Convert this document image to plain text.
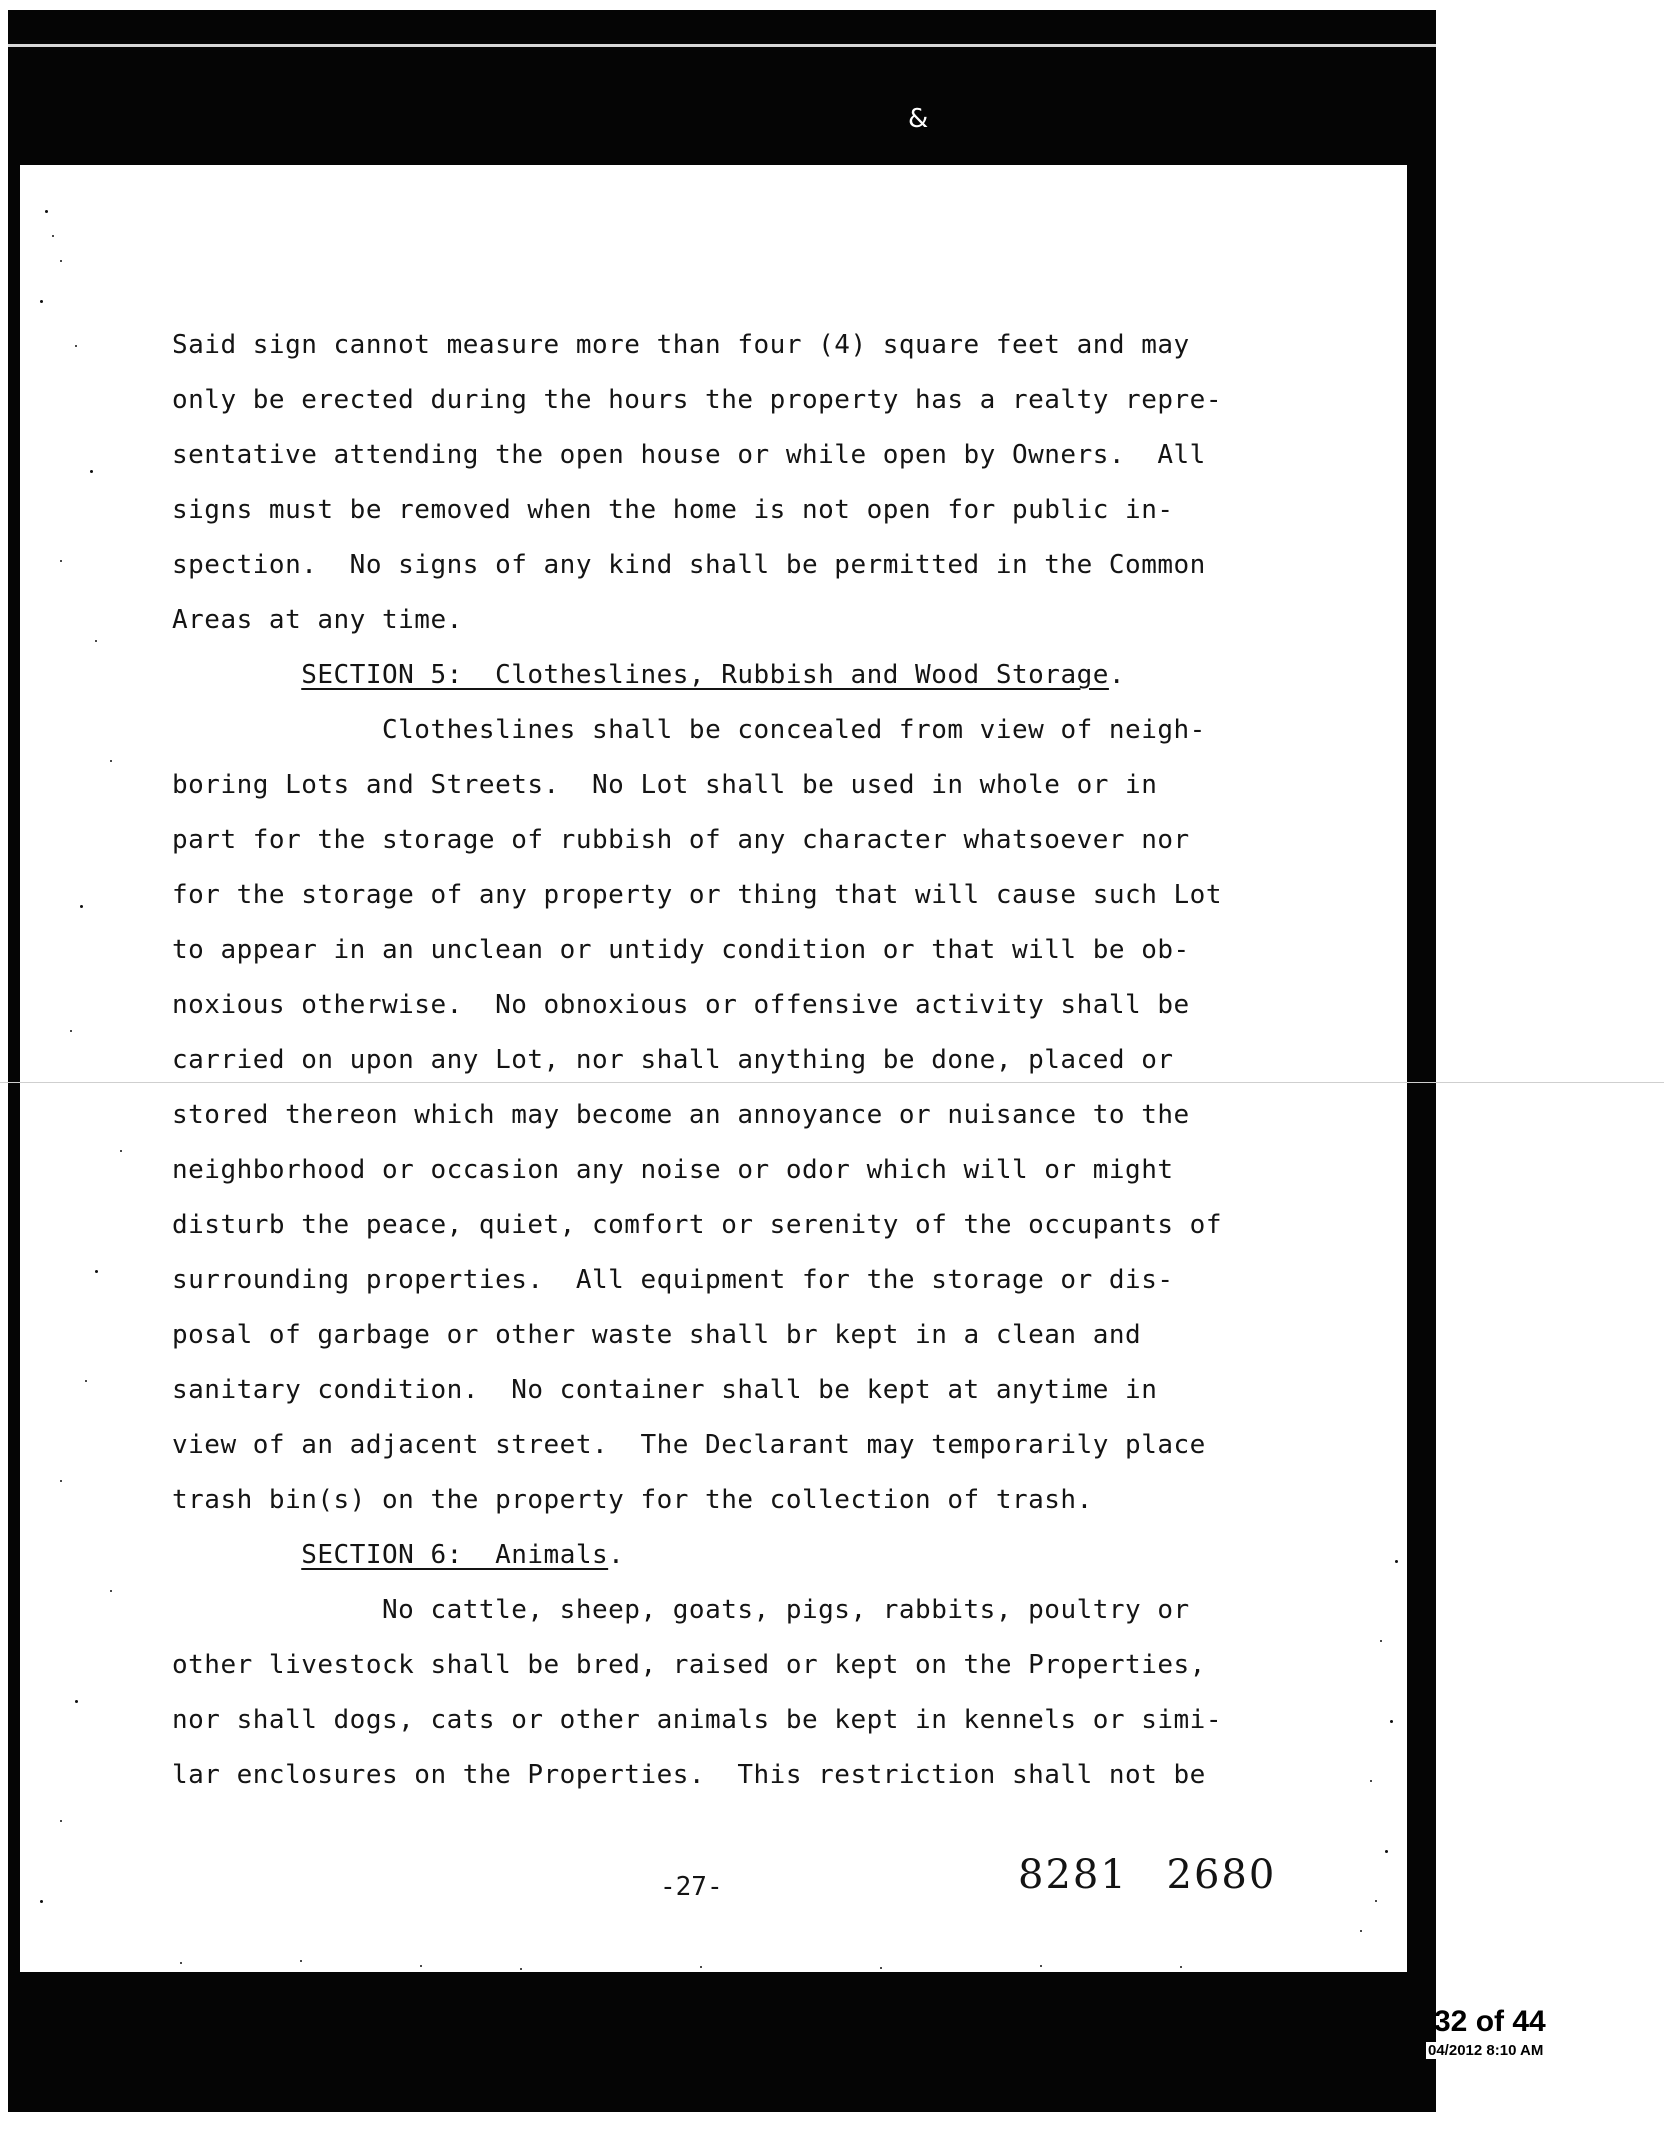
&
Said sign cannot measure more than four (4) square feet and may
only be erected during the hours the property has a realty repre-
sentative attending the open house or while open by Owners.  All
signs must be removed when the home is not open for public in-
spection.  No signs of any kind shall be permitted in the Common
Areas at any time.
SECTION 5:  Clotheslines, Rubbish and Wood Storage.
Clotheslines shall be concealed from view of neigh-
boring Lots and Streets.  No Lot shall be used in whole or in
part for the storage of rubbish of any character whatsoever nor
for the storage of any property or thing that will cause such Lot
to appear in an unclean or untidy condition or that will be ob-
noxious otherwise.  No obnoxious or offensive activity shall be
carried on upon any Lot, nor shall anything be done, placed or
stored thereon which may become an annoyance or nuisance to the
neighborhood or occasion any noise or odor which will or might
disturb the peace, quiet, comfort or serenity of the occupants of
surrounding properties.  All equipment for the storage or dis-
posal of garbage or other waste shall br kept in a clean and
sanitary condition.  No container shall be kept at anytime in
view of an adjacent street.  The Declarant may temporarily place
trash bin(s) on the property for the collection of trash.
SECTION 6:  Animals.
No cattle, sheep, goats, pigs, rabbits, poultry or
other livestock shall be bred, raised or kept on the Properties,
nor shall dogs, cats or other animals be kept in kennels or simi-
lar enclosures on the Properties.  This restriction shall not be
-27-	8281 2680
32 of 44
04/2012 8:10 AM
